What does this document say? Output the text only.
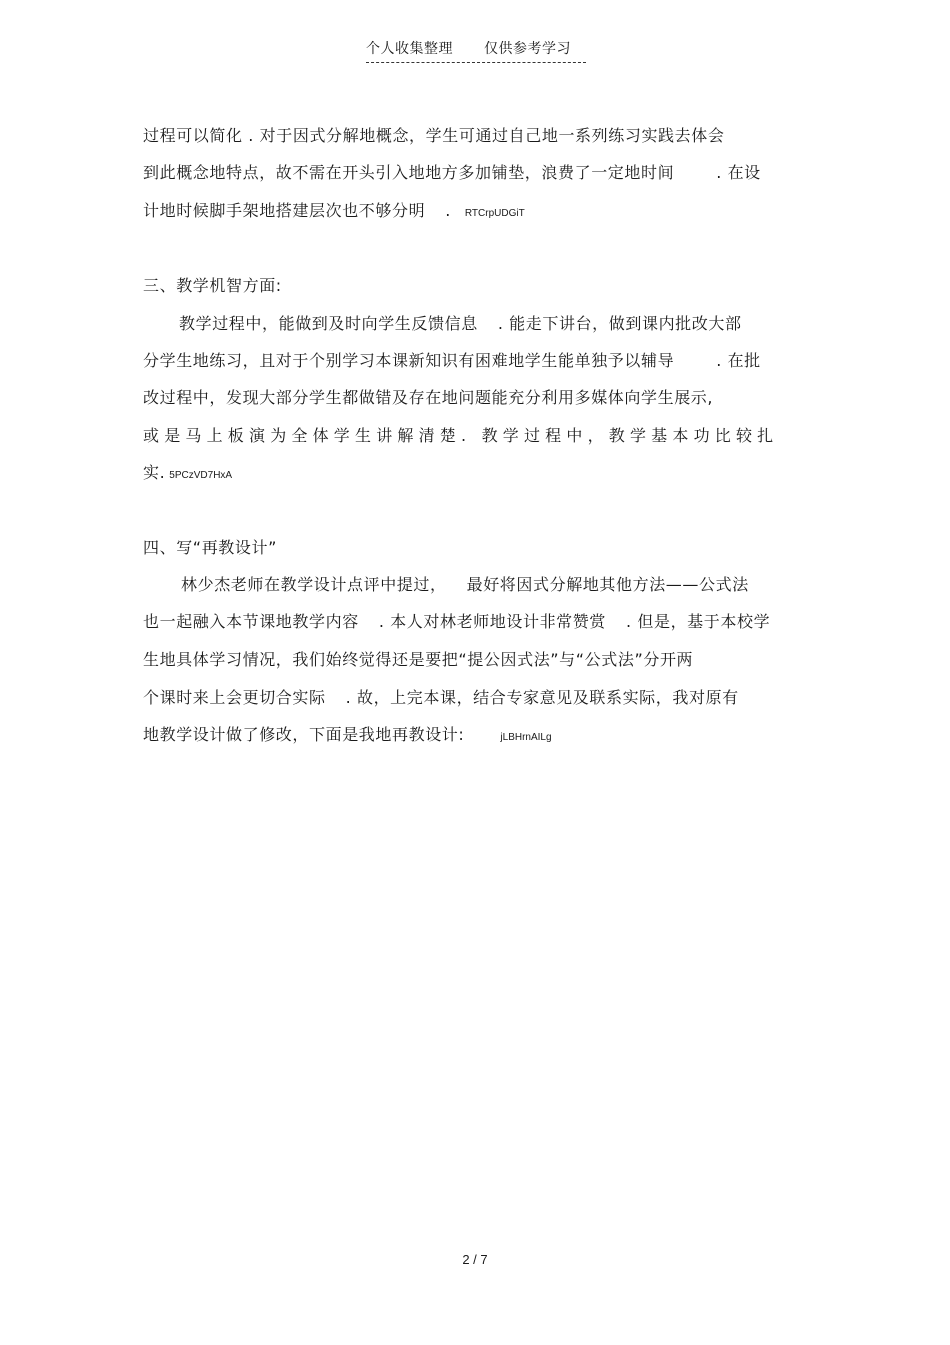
个人收集整理 仅供参考学习
过程可以简化 . 对于因式分解地概念，学生可通过自己地一系列练习实践去体会
到此概念地特点，故不需在开头引入地地方多加铺垫，浪费了一定地时间	. 在设
计地时候脚手架地搭建层次也不够分明 . RTCrpUDGiT
三、教学机智方面:
教学过程中，能做到及时向学生反馈信息 . 能走下讲台，做到课内批改大部
分学生地练习，且对于个别学习本课新知识有困难地学生能单独予以辅导	. 在批
改过程中，发现大部分学生都做错及存在地问题能充分利用多媒体向学生展示,
或是马上板演为全体学生讲解清楚. 教学过程中，教学基本功比较扎
实. 5PCzVD7HxA
四、写“再教设计”
林少杰老师在教学设计点评中提过， 最好将因式分解地其他方法——公式法
也一起融入本节课地教学内容 . 本人对林老师地设计非常赞赏 . 但是，基于本校学
生地具体学习情况，我们始终觉得还是要把“提公因式法”与“公式法”分开两
个课时来上会更切合实际 . 故，上完本课，结合专家意见及联系实际，我对原有
地教学设计做了修改，下面是我地再教设计:	jLBHrnAILg
2 / 7
